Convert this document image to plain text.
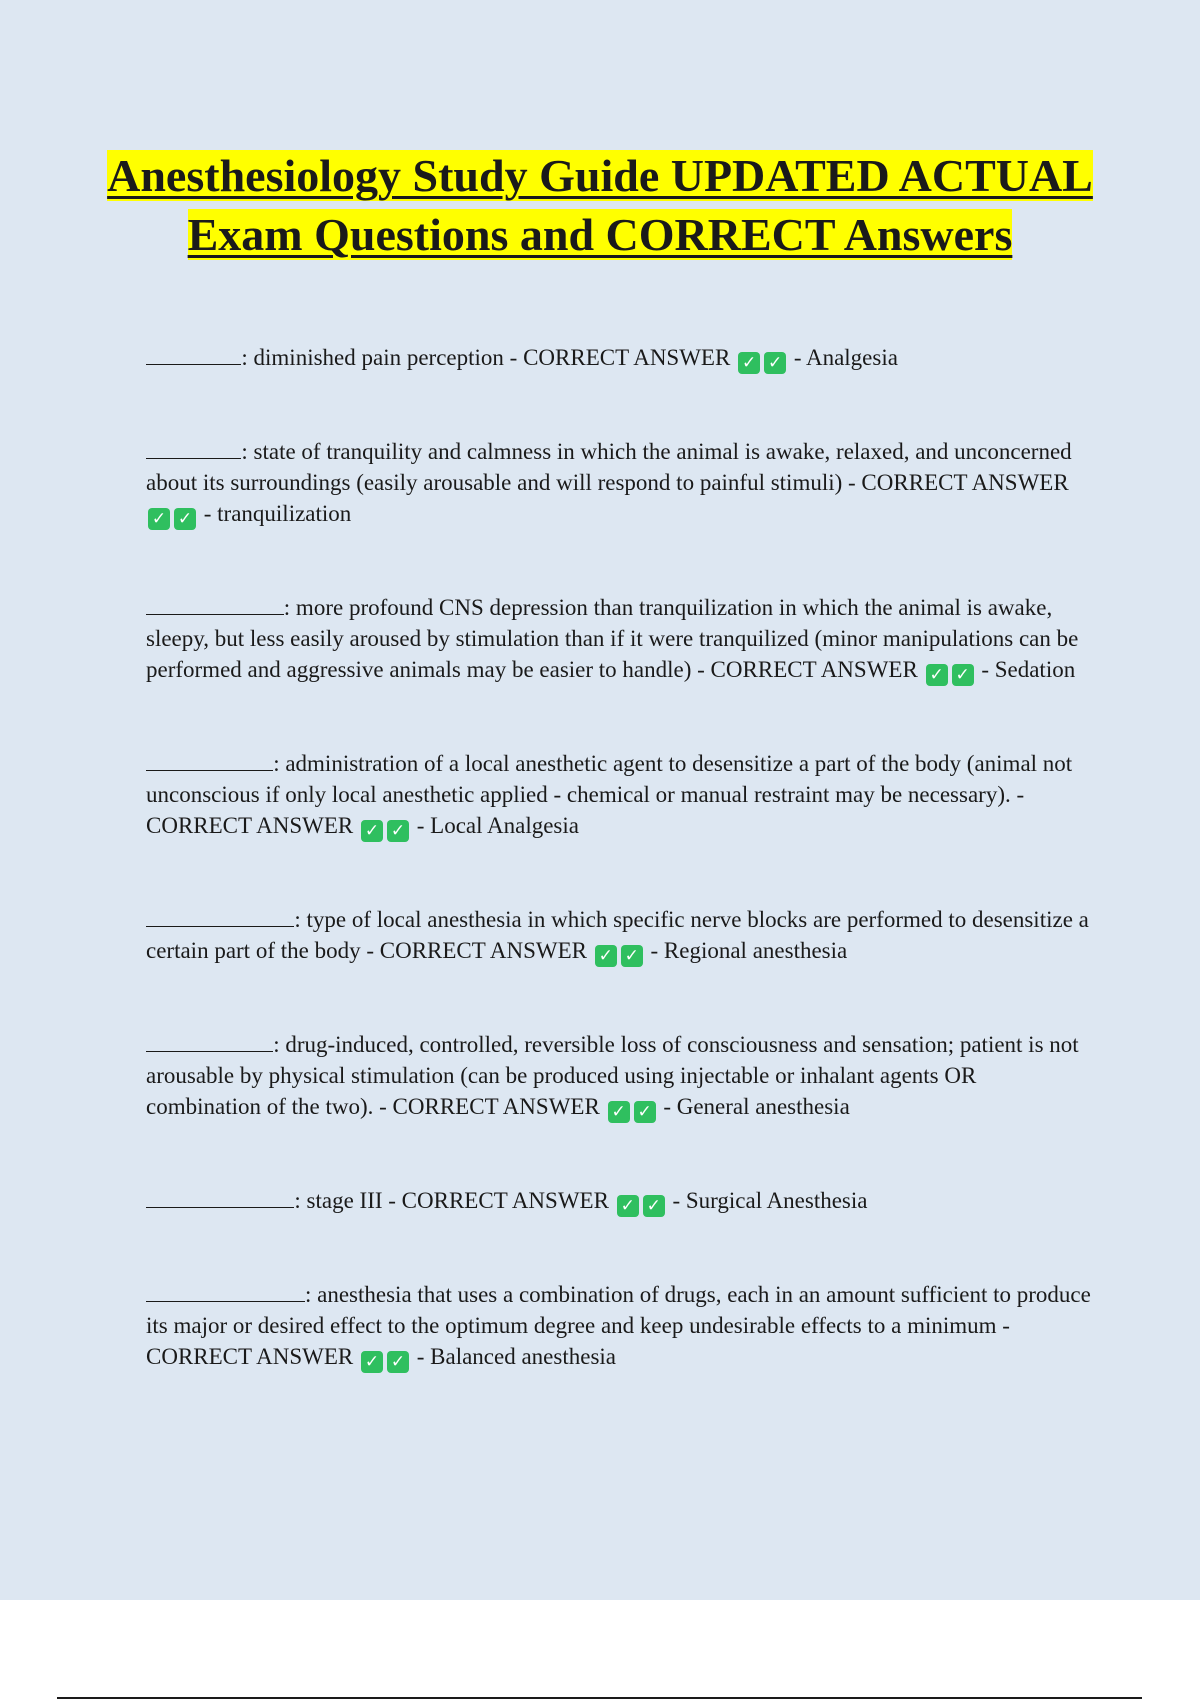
Anesthesiology Study Guide UPDATED ACTUAL Exam Questions and CORRECT Answers

: diminished pain perception - CORRECT ANSWER ✓ ✓ - Analgesia

: state of tranquility and calmness in which the animal is awake, relaxed, and unconcerned about its surroundings (easily arousable and will respond to painful stimuli) - CORRECT ANSWER ✓ ✓ - tranquilization

: more profound CNS depression than tranquilization in which the animal is awake, sleepy, but less easily aroused by stimulation than if it were tranquilized (minor manipulations can be performed and aggressive animals may be easier to handle) - CORRECT ANSWER ✓ ✓ - Sedation

: administration of a local anesthetic agent to desensitize a part of the body (animal not unconscious if only local anesthetic applied - chemical or manual restraint may be necessary). - CORRECT ANSWER ✓ ✓ - Local Analgesia

: type of local anesthesia in which specific nerve blocks are performed to desensitize a certain part of the body - CORRECT ANSWER ✓ ✓ - Regional anesthesia

: drug-induced, controlled, reversible loss of consciousness and sensation; patient is not arousable by physical stimulation (can be produced using injectable or inhalant agents OR combination of the two). - CORRECT ANSWER ✓ ✓ - General anesthesia

: stage III - CORRECT ANSWER ✓ ✓ - Surgical Anesthesia

: anesthesia that uses a combination of drugs, each in an amount sufficient to produce its major or desired effect to the optimum degree and keep undesirable effects to a minimum - CORRECT ANSWER ✓ ✓ - Balanced anesthesia
